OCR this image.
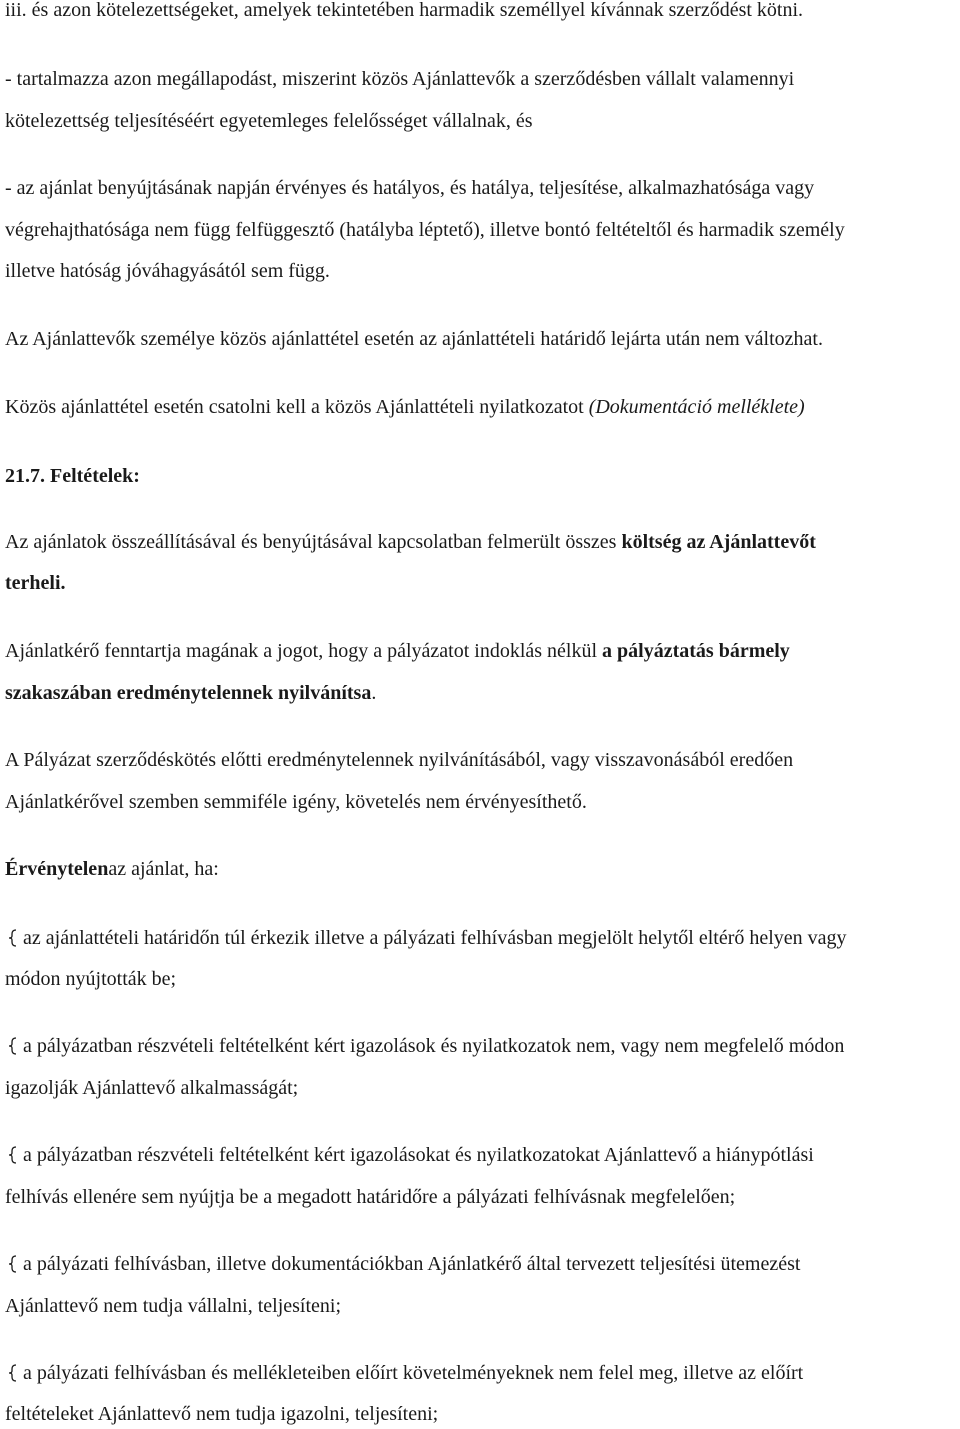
iii. és azon kötelezettségeket, amelyek tekintetében harmadik személlyel kívánnak szerződést kötni.
- tartalmazza azon megállapodást, miszerint közös Ajánlattevők a szerződésben vállalt valamennyi
kötelezettség teljesítéséért egyetemleges felelősséget vállalnak, és
- az ajánlat benyújtásának napján érvényes és hatályos, és hatálya, teljesítése, alkalmazhatósága vagy
végrehajthatósága nem függ felfüggesztő (hatályba léptető), illetve bontó feltételtől és harmadik személy
illetve hatóság jóváhagyásától sem függ.
Az Ajánlattevők személye közös ajánlattétel esetén az ajánlattételi határidő lejárta után nem változhat.
Közös ajánlattétel esetén csatolni kell a közös Ajánlattételi nyilatkozatot (Dokumentáció melléklete)
21.7. Feltételek:
Az ajánlatok összeállításával és benyújtásával kapcsolatban felmerült összes költség az Ajánlattevőt
terheli.
Ajánlatkérő fenntartja magának a jogot, hogy a pályázatot indoklás nélkül a pályáztatás bármely
szakaszában eredménytelennek nyilvánítsa.
A Pályázat szerződéskötés előtti eredménytelennek nyilvánításából, vagy visszavonásából eredően
Ajánlatkérővel szemben semmiféle igény, követelés nem érvényesíthető.
Érvénytelenaz ajánlat, ha:
az ajánlattételi határidőn túl érkezik illetve a pályázati felhívásban megjelölt helytől eltérő helyen vagy
módon nyújtották be;
a pályázatban részvételi feltételként kért igazolások és nyilatkozatok nem, vagy nem megfelelő módon
igazolják Ajánlattevő alkalmasságát;
a pályázatban részvételi feltételként kért igazolásokat és nyilatkozatokat Ajánlattevő a hiánypótlási
felhívás ellenére sem nyújtja be a megadott határidőre a pályázati felhívásnak megfelelően;
a pályázati felhívásban, illetve dokumentációkban Ajánlatkérő által tervezett teljesítési ütemezést
Ajánlattevő nem tudja vállalni, teljesíteni;
a pályázati felhívásban és mellékleteiben előírt követelményeknek nem felel meg, illetve az előírt
feltételeket Ajánlattevő nem tudja igazolni, teljesíteni;
